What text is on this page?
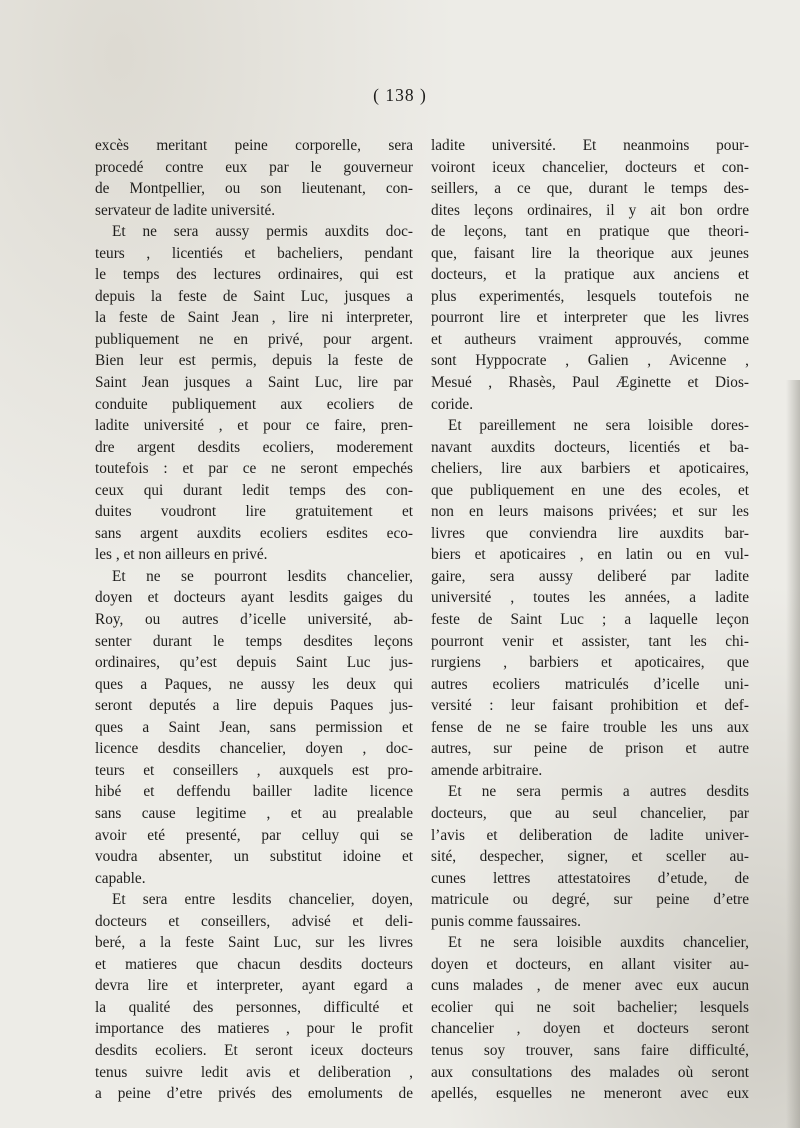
( 138 )
excès meritant peine corporelle, sera
procedé contre eux par le gouverneur
de Montpellier, ou son lieutenant, con-
servateur de ladite université.
Et ne sera aussy permis auxdits doc-
teurs , licentiés et bacheliers, pendant
le temps des lectures ordinaires, qui est
depuis la feste de Saint Luc, jusques a
la feste de Saint Jean , lire ni interpreter,
publiquement ne en privé, pour argent.
Bien leur est permis, depuis la feste de
Saint Jean jusques a Saint Luc, lire par
conduite publiquement aux ecoliers de
ladite université , et pour ce faire, pren-
dre argent desdits ecoliers, moderement
toutefois : et par ce ne seront empechés
ceux qui durant ledit temps des con-
duites voudront lire gratuitement et
sans argent auxdits ecoliers esdites eco-
les , et non ailleurs en privé.
Et ne se pourront lesdits chancelier,
doyen et docteurs ayant lesdits gaiges du
Roy, ou autres d’icelle université, ab-
senter durant le temps desdites leçons
ordinaires, qu’est depuis Saint Luc jus-
ques a Paques, ne aussy les deux qui
seront deputés a lire depuis Paques jus-
ques a Saint Jean, sans permission et
licence desdits chancelier, doyen , doc-
teurs et conseillers , auxquels est pro-
hibé et deffendu bailler ladite licence
sans cause legitime , et au prealable
avoir eté presenté, par celluy qui se
voudra absenter, un substitut idoine et
capable.
Et sera entre lesdits chancelier, doyen,
docteurs et conseillers, advisé et deli-
beré, a la feste Saint Luc, sur les livres
et matieres que chacun desdits docteurs
devra lire et interpreter, ayant egard a
la qualité des personnes, difficulté et
importance des matieres , pour le profit
desdits ecoliers. Et seront iceux docteurs
tenus suivre ledit avis et deliberation ,
a peine d’etre privés des emoluments de
ladite université. Et neanmoins pour-
voiront iceux chancelier, docteurs et con-
seillers, a ce que, durant le temps des-
dites leçons ordinaires, il y ait bon ordre
de leçons, tant en pratique que theori-
que, faisant lire la theorique aux jeunes
docteurs, et la pratique aux anciens et
plus experimentés, lesquels toutefois ne
pourront lire et interpreter que les livres
et autheurs vraiment approuvés, comme
sont Hyppocrate , Galien , Avicenne ,
Mesué , Rhasès, Paul Æginette et Dios-
coride.
Et pareillement ne sera loisible dores-
navant auxdits docteurs, licentiés et ba-
cheliers, lire aux barbiers et apoticaires,
que publiquement en une des ecoles, et
non en leurs maisons privées; et sur les
livres que conviendra lire auxdits bar-
biers et apoticaires , en latin ou en vul-
gaire, sera aussy deliberé par ladite
université , toutes les années, a ladite
feste de Saint Luc ; a laquelle leçon
pourront venir et assister, tant les chi-
rurgiens , barbiers et apoticaires, que
autres ecoliers matriculés d’icelle uni-
versité : leur faisant prohibition et def-
fense de ne se faire trouble les uns aux
autres, sur peine de prison et autre
amende arbitraire.
Et ne sera permis a autres desdits
docteurs, que au seul chancelier, par
l’avis et deliberation de ladite univer-
sité, despecher, signer, et sceller au-
cunes lettres attestatoires d’etude, de
matricule ou degré, sur peine d’etre
punis comme faussaires.
Et ne sera loisible auxdits chancelier,
doyen et docteurs, en allant visiter au-
cuns malades , de mener avec eux aucun
ecolier qui ne soit bachelier; lesquels
chancelier , doyen et docteurs seront
tenus soy trouver, sans faire difficulté,
aux consultations des malades où seront
apellés, esquelles ne meneront avec eux
